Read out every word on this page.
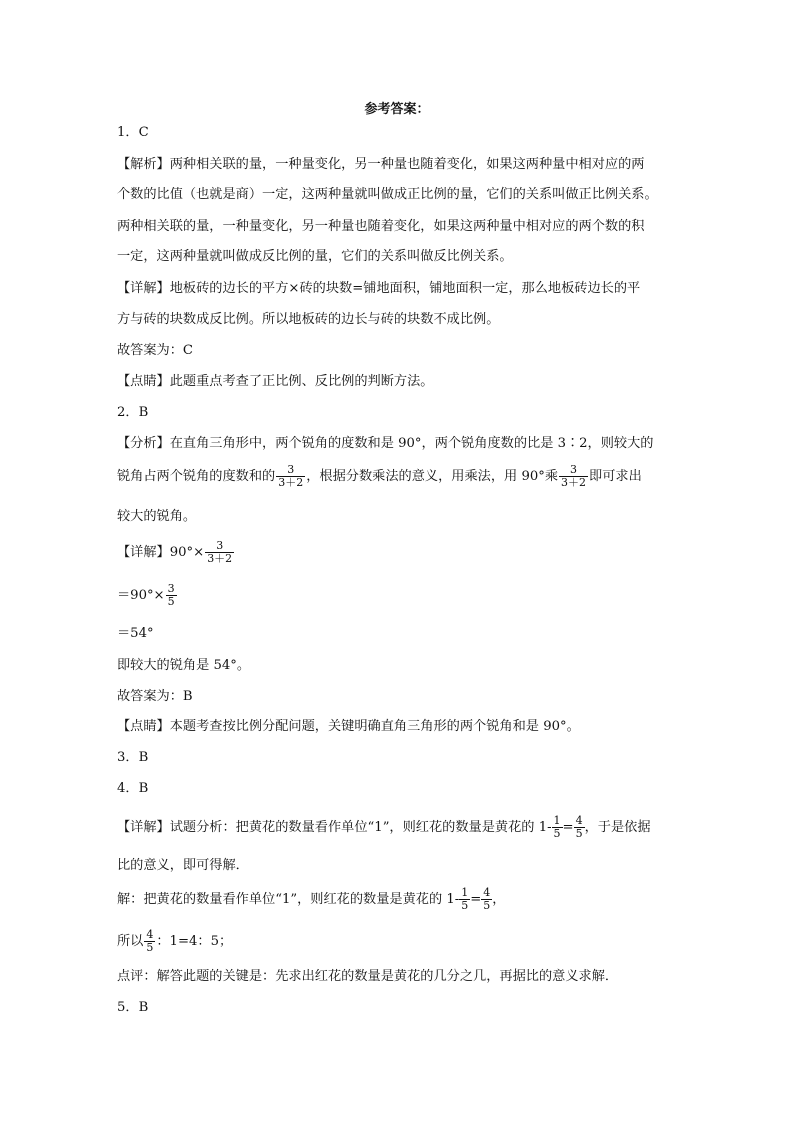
参考答案：
1．C
【解析】两种相关联的量，一种量变化，另一种量也随着变化，如果这两种量中相对应的两
个数的比值（也就是商）一定，这两种量就叫做成正比例的量，它们的关系叫做正比例关系。
两种相关联的量，一种量变化，另一种量也随着变化，如果这两种量中相对应的两个数的积
一定，这两种量就叫做成反比例的量，它们的关系叫做反比例关系。
【详解】地板砖的边长的平方×砖的块数=铺地面积，铺地面积一定，那么地板砖边长的平
方与砖的块数成反比例。所以地板砖的边长与砖的块数不成比例。
故答案为：C
【点睛】此题重点考查了正比例、反比例的判断方法。
2．B
【分析】在直角三角形中，两个锐角的度数和是 90°，两个锐角度数的比是 3∶2，则较大的
锐角占两个锐角的度数和的 $\frac{3}{3+2}$ ，根据分数乘法的意义，用乘法，用 90°乘 $\frac{3}{3+2}$ 即可求出
较大的锐角。
【详解】$90^\circ\times \frac{3}{3+2}$
$=90^\circ\times \frac{3}{5}$
＝54°
即较大的锐角是 54°。
故答案为：B
【点睛】本题考查按比例分配问题，关键明确直角三角形的两个锐角和是 90°。
3．B
4．B
【详解】试题分析：把黄花的数量看作单位“1”，则红花的数量是黄花的 $1- \frac{1}{5} = \frac{4}{5}$ ，于是依据
比的意义，即可得解．
解：把黄花的数量看作单位“1”，则红花的数量是黄花的 $1- \frac{1}{5} = \frac{4}{5}$ ，
所以 $\frac{4}{5}$ ：1=4：5；
点评：解答此题的关键是：先求出红花的数量是黄花的几分之几，再据比的意义求解．
5．B
